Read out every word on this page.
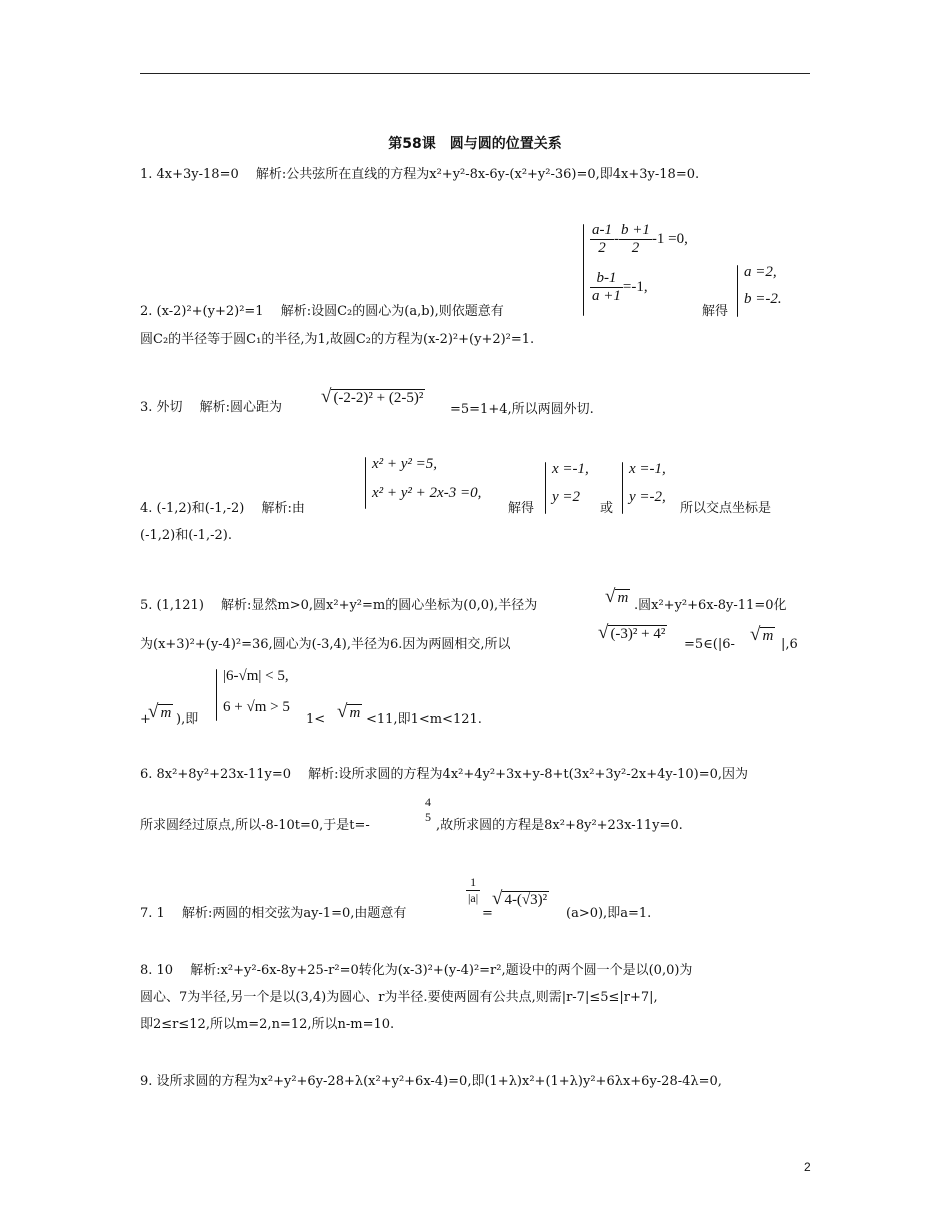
第58课　圆与圆的位置关系
1. 4x+3y-18=0　 解析:公共弦所在直线的方程为x²+y²-8x-6y-(x²+y²-36)=0,即4x+3y-18=0.
$\frac{a-1}{2} - \frac{b +1}{2} -1 =0$,
$\frac{b-1}{a +1} =-1$,
2. (x-2)²+(y+2)²=1　 解析:设圆C₂的圆心为(a,b),则依题意有	解得
a =2,
b =-2.
圆C₂的半径等于圆C₁的半径,为1,故圆C₂的方程为(x-2)²+(y+2)²=1.
3. 外切　 解析:圆心距为
√ (-2-2)² + (2-5)²
=5=1+4,所以两圆外切.
x² + y² =5,
x² + y² + 2x-3 =0,
4. (-1,2)和(-1,-2)　 解析:由	解得
x =-1,
y =2
或
x =-1,
y =-2,
所以交点坐标是
(-1,2)和(-1,-2).
5. (1,121)　 解析:显然m>0,圆x²+y²=m的圆心坐标为(0,0),半径为	√ m .圆x²+y²+6x-8y-11=0化
为(x+3)²+(y-4)²=36,圆心为(-3,4),半径为6.因为两圆相交,所以
√ (-3)² + 4²
=5∈(|6- √ m
|,6
|6-√m| < 5,
6 + √m > 5
+
√ m ),即	1< √ m <11,即1<m<121.
6. 8x²+8y²+23x-11y=0　 解析:设所求圆的方程为4x²+4y²+3x+y-8+t(3x²+3y²-2x+4y-10)=0,因为
所求圆经过原点,所以-8-10t=0,于是t=-
4
5
,故所求圆的方程是8x²+8y²+23x-11y=0.
7. 1　 解析:两圆的相交弦为ay-1=0,由题意有
$\frac{1}{|a|}$
=
√ 4-(√3)²
(a>0),即a=1.
8. 10　 解析:x²+y²-6x-8y+25-r²=0转化为(x-3)²+(y-4)²=r²,题设中的两个圆一个是以(0,0)为
圆心、7为半径,另一个是以(3,4)为圆心、r为半径.要使两圆有公共点,则需|r-7|≤5≤|r+7|,
即2≤r≤12,所以m=2,n=12,所以n-m=10.
9. 设所求圆的方程为x²+y²+6y-28+λ(x²+y²+6x-4)=0,即(1+λ)x²+(1+λ)y²+6λx+6y-28-4λ=0,
2
